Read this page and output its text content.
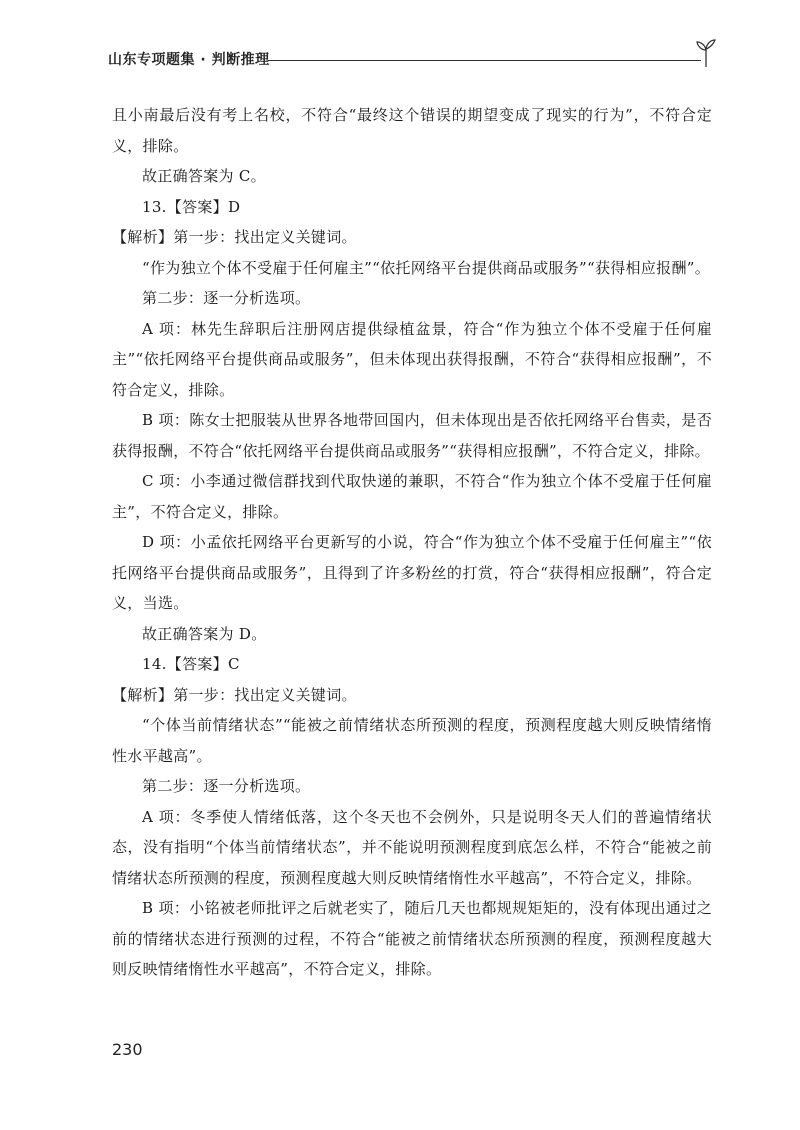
山东专项题集 · 判断推理

且小南最后没有考上名校，不符合“最终这个错误的期望变成了现实的行为”，不符合定义，排除。

故正确答案为 C。

13.【答案】D

【解析】第一步：找出定义关键词。

“作为独立个体不受雇于任何雇主”“依托网络平台提供商品或服务”“获得相应报酬”。

第二步：逐一分析选项。

A 项：林先生辞职后注册网店提供绿植盆景，符合“作为独立个体不受雇于任何雇主”“依托网络平台提供商品或服务”，但未体现出获得报酬，不符合“获得相应报酬”，不符合定义，排除。

B 项：陈女士把服装从世界各地带回国内，但未体现出是否依托网络平台售卖，是否获得报酬，不符合“依托网络平台提供商品或服务”“获得相应报酬”，不符合定义，排除。

C 项：小李通过微信群找到代取快递的兼职，不符合“作为独立个体不受雇于任何雇主”，不符合定义，排除。

D 项：小孟依托网络平台更新写的小说，符合“作为独立个体不受雇于任何雇主”“依托网络平台提供商品或服务”，且得到了许多粉丝的打赏，符合“获得相应报酬”，符合定义，当选。

故正确答案为 D。

14.【答案】C

【解析】第一步：找出定义关键词。

“个体当前情绪状态”“能被之前情绪状态所预测的程度，预测程度越大则反映情绪惰性水平越高”。

第二步：逐一分析选项。

A 项：冬季使人情绪低落，这个冬天也不会例外，只是说明冬天人们的普遍情绪状态，没有指明“个体当前情绪状态”，并不能说明预测程度到底怎么样，不符合“能被之前情绪状态所预测的程度，预测程度越大则反映情绪惰性水平越高”，不符合定义，排除。

B 项：小铭被老师批评之后就老实了，随后几天也都规规矩矩的，没有体现出通过之前的情绪状态进行预测的过程，不符合“能被之前情绪状态所预测的程度，预测程度越大则反映情绪惰性水平越高”，不符合定义，排除。

230
